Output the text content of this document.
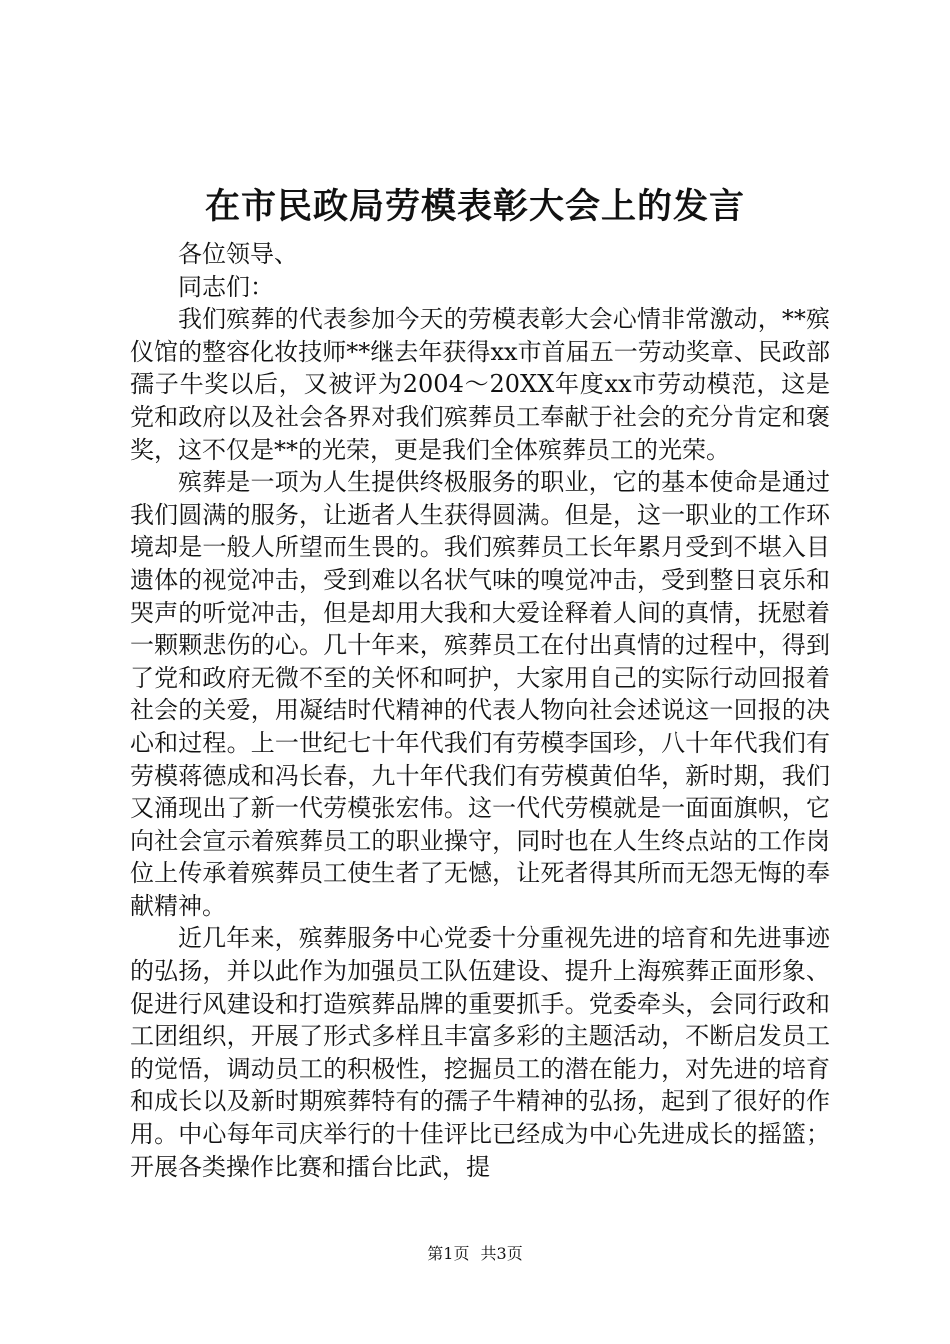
在市民政局劳模表彰大会上的发言

各位领导、

同志们：

我们殡葬的代表参加今天的劳模表彰大会心情非常激动，**殡仪馆的整容化妆技师**继去年获得xx市首届五一劳动奖章、民政部孺子牛奖以后，又被评为2004～20XX年度xx市劳动模范，这是党和政府以及社会各界对我们殡葬员工奉献于社会的充分肯定和褒奖，这不仅是**的光荣，更是我们全体殡葬员工的光荣。

殡葬是一项为人生提供终极服务的职业，它的基本使命是通过我们圆满的服务，让逝者人生获得圆满。但是，这一职业的工作环境却是一般人所望而生畏的。我们殡葬员工长年累月受到不堪入目遗体的视觉冲击，受到难以名状气味的嗅觉冲击，受到整日哀乐和哭声的听觉冲击，但是却用大我和大爱诠释着人间的真情，抚慰着一颗颗悲伤的心。几十年来，殡葬员工在付出真情的过程中，得到了党和政府无微不至的关怀和呵护，大家用自己的实际行动回报着社会的关爱，用凝结时代精神的代表人物向社会述说这一回报的决心和过程。上一世纪七十年代我们有劳模李国珍，八十年代我们有劳模蒋德成和冯长春，九十年代我们有劳模黄伯华，新时期，我们又涌现出了新一代劳模张宏伟。这一代代劳模就是一面面旗帜，它向社会宣示着殡葬员工的职业操守，同时也在人生终点站的工作岗位上传承着殡葬员工使生者了无憾，让死者得其所而无怨无悔的奉献精神。

近几年来，殡葬服务中心党委十分重视先进的培育和先进事迹的弘扬，并以此作为加强员工队伍建设、提升上海殡葬正面形象、促进行风建设和打造殡葬品牌的重要抓手。党委牵头，会同行政和工团组织，开展了形式多样且丰富多彩的主题活动，不断启发员工的觉悟，调动员工的积极性，挖掘员工的潜在能力，对先进的培育和成长以及新时期殡葬特有的孺子牛精神的弘扬，起到了很好的作用。中心每年司庆举行的十佳评比已经成为中心先进成长的摇篮；开展各类操作比赛和擂台比武，提

第1页 共3页
